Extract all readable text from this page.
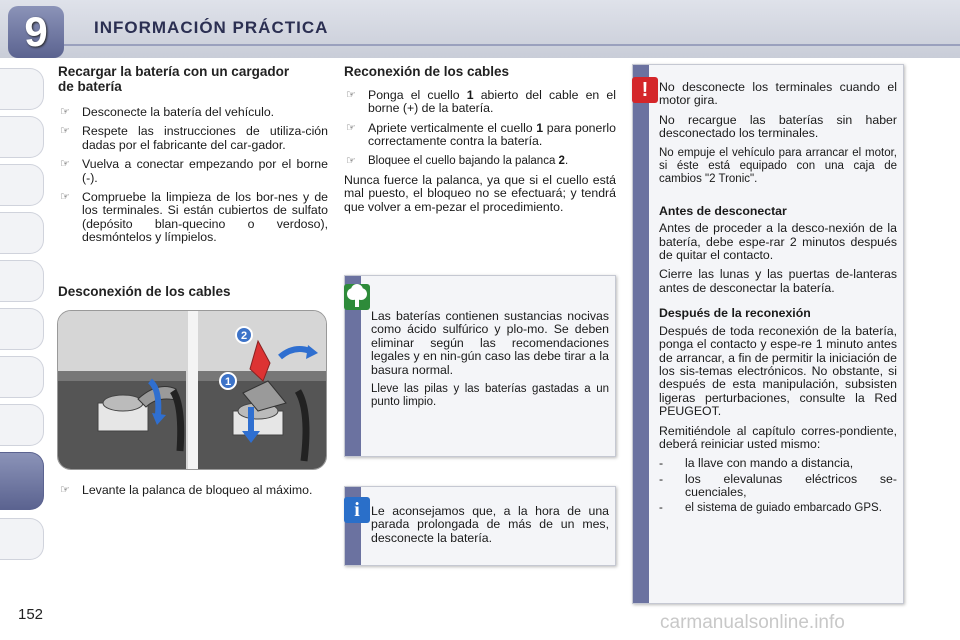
9	INFORMACIÓN PRÁCTICA
Recargar la batería con un cargador de batería
☞ Desconecte la batería del vehículo.
☞ Respete las instrucciones de utiliza-ción dadas por el fabricante del car-gador.
☞ Vuelva a conectar empezando por el borne (-).
☞ Compruebe la limpieza de los bor-nes y de los terminales. Si están cubiertos de sulfato (depósito blan-quecino o verdoso), desmóntelos y límpielos.
Desconexión de los cables
1
2
☞ Levante la palanca de bloqueo al máximo.
Reconexión de los cables
☞ Ponga el cuello 1 abierto del cable en el borne (+) de la batería.
☞ Apriete verticalmente el cuello 1 para ponerlo correctamente contra la batería.
☞ Bloquee el cuello bajando la palanca 2.

Nunca fuerce la palanca, ya que si el cuello está mal puesto, el bloqueo no se efectuará; y tendrá que volver a em-pezar el procedimiento.

Las baterías contienen sustancias nocivas como ácido sulfúrico y plo-mo. Se deben eliminar según las recomendaciones legales y en nin-gún caso las debe tirar a la basura normal.

Lleve las pilas y las baterías gastadas a un punto limpio.

i Le aconsejamos que, a la hora de una parada prolongada de más de un mes, desconecte la batería.
! No desconecte los terminales cuando el motor gira.

No recargue las baterías sin haber desconectado los terminales.

No empuje el vehículo para arrancar el motor, si éste está equipado con una caja de cambios "2 Tronic".

Antes de desconectar

Antes de proceder a la desco-nexión de la batería, debe espe-rar 2 minutos después de quitar el contacto.

Cierre las lunas y las puertas de-lanteras antes de desconectar la batería.

Después de la reconexión

Después de toda reconexión de la batería, ponga el contacto y espe-re 1 minuto antes de arrancar, a fin de permitir la iniciación de los sis-temas electrónicos. No obstante, si después de esta manipulación, subsisten ligeras perturbaciones, consulte la Red PEUGEOT.

Remitiéndole al capítulo corres-pondiente, deberá reiniciar usted mismo:

- la llave con mando a distancia,
- los elevalunas eléctricos se-cuenciales,
- el sistema de guiado embarcado GPS.
152	carmanualsonline.info
